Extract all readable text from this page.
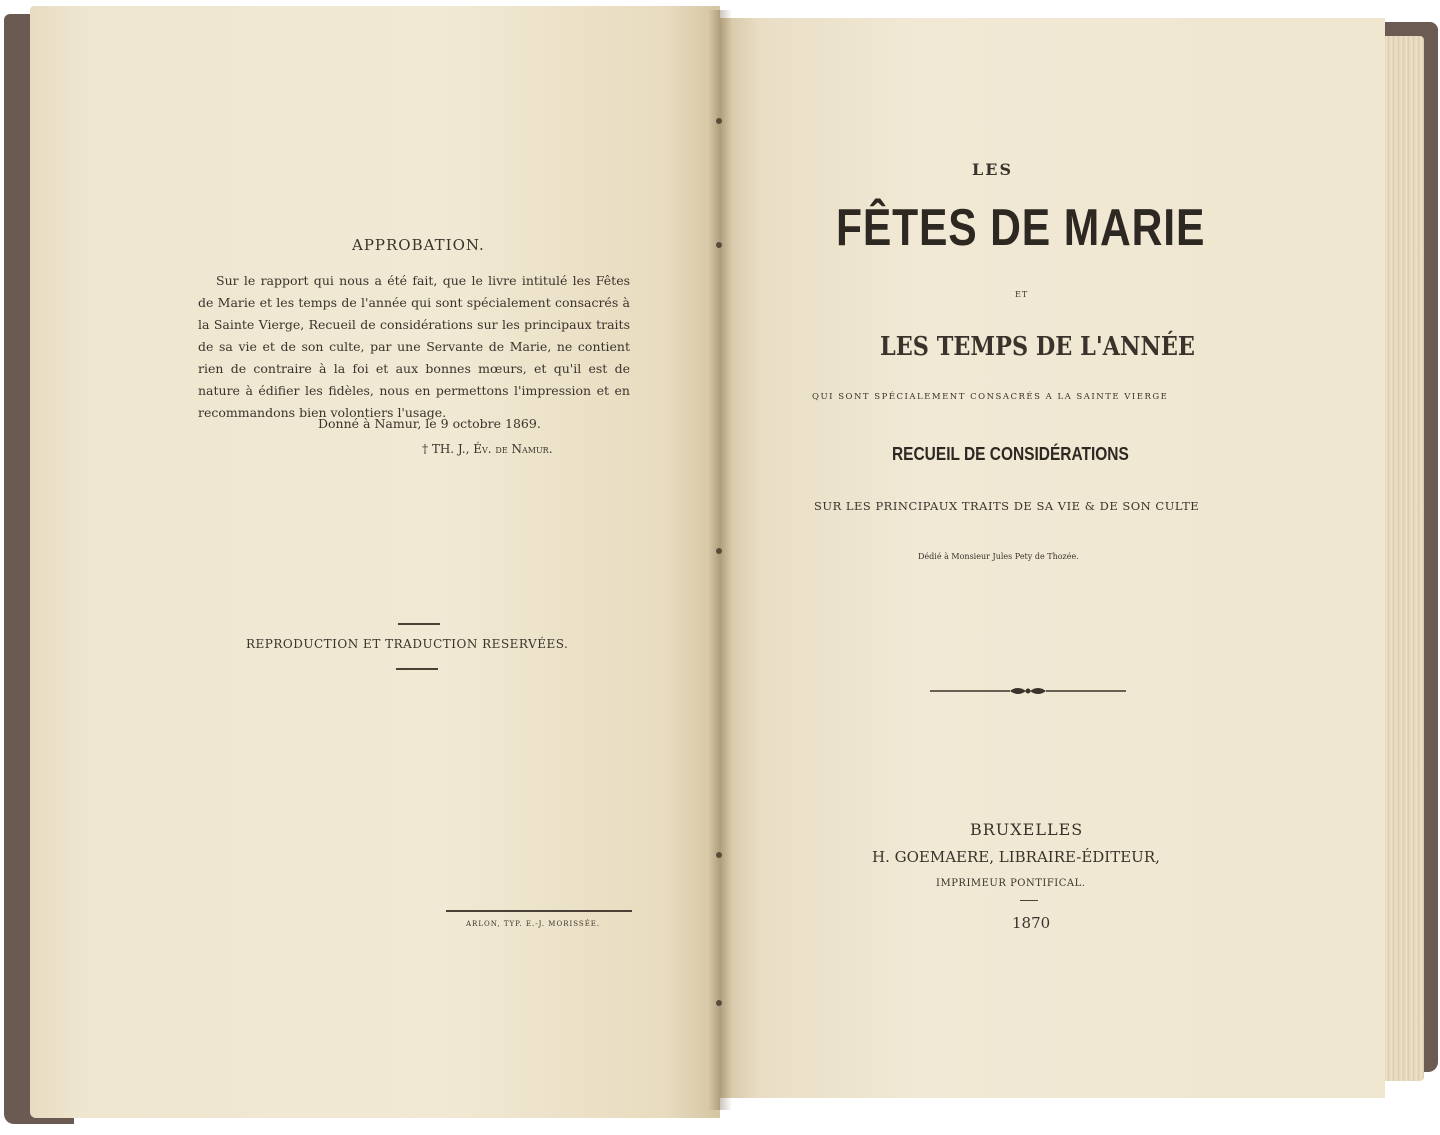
APPROBATION.
Sur le rapport qui nous a été fait, que le livre intitulé les Fêtes de Marie et les temps de l'année qui sont spécialement consacrés à la Sainte Vierge, Recueil de considérations sur les principaux traits de sa vie et de son culte, par une Servante de Marie, ne contient rien de contraire à la foi et aux bonnes mœurs, et qu'il est de nature à édifier les fidèles, nous en permettons l'impression et en recommandons bien volontiers l'usage.
Donné à Namur, le 9 octobre 1869.
† TH. J., Év. de Namur.
REPRODUCTION ET TRADUCTION RESERVÉES.
ARLON, TYP. E.-J. MORISSÉE.
LES
FÊTES DE MARIE
ET
LES TEMPS DE L'ANNÉE
QUI SONT SPÉCIALEMENT CONSACRÉS A LA SAINTE VIERGE
RECUEIL DE CONSIDÉRATIONS
SUR LES PRINCIPAUX TRAITS DE SA VIE & DE SON CULTE
Dédié à Monsieur Jules Pety de Thozée.
BRUXELLES
H. GOEMAERE, LIBRAIRE-ÉDITEUR,
IMPRIMEUR PONTIFICAL.
1870
